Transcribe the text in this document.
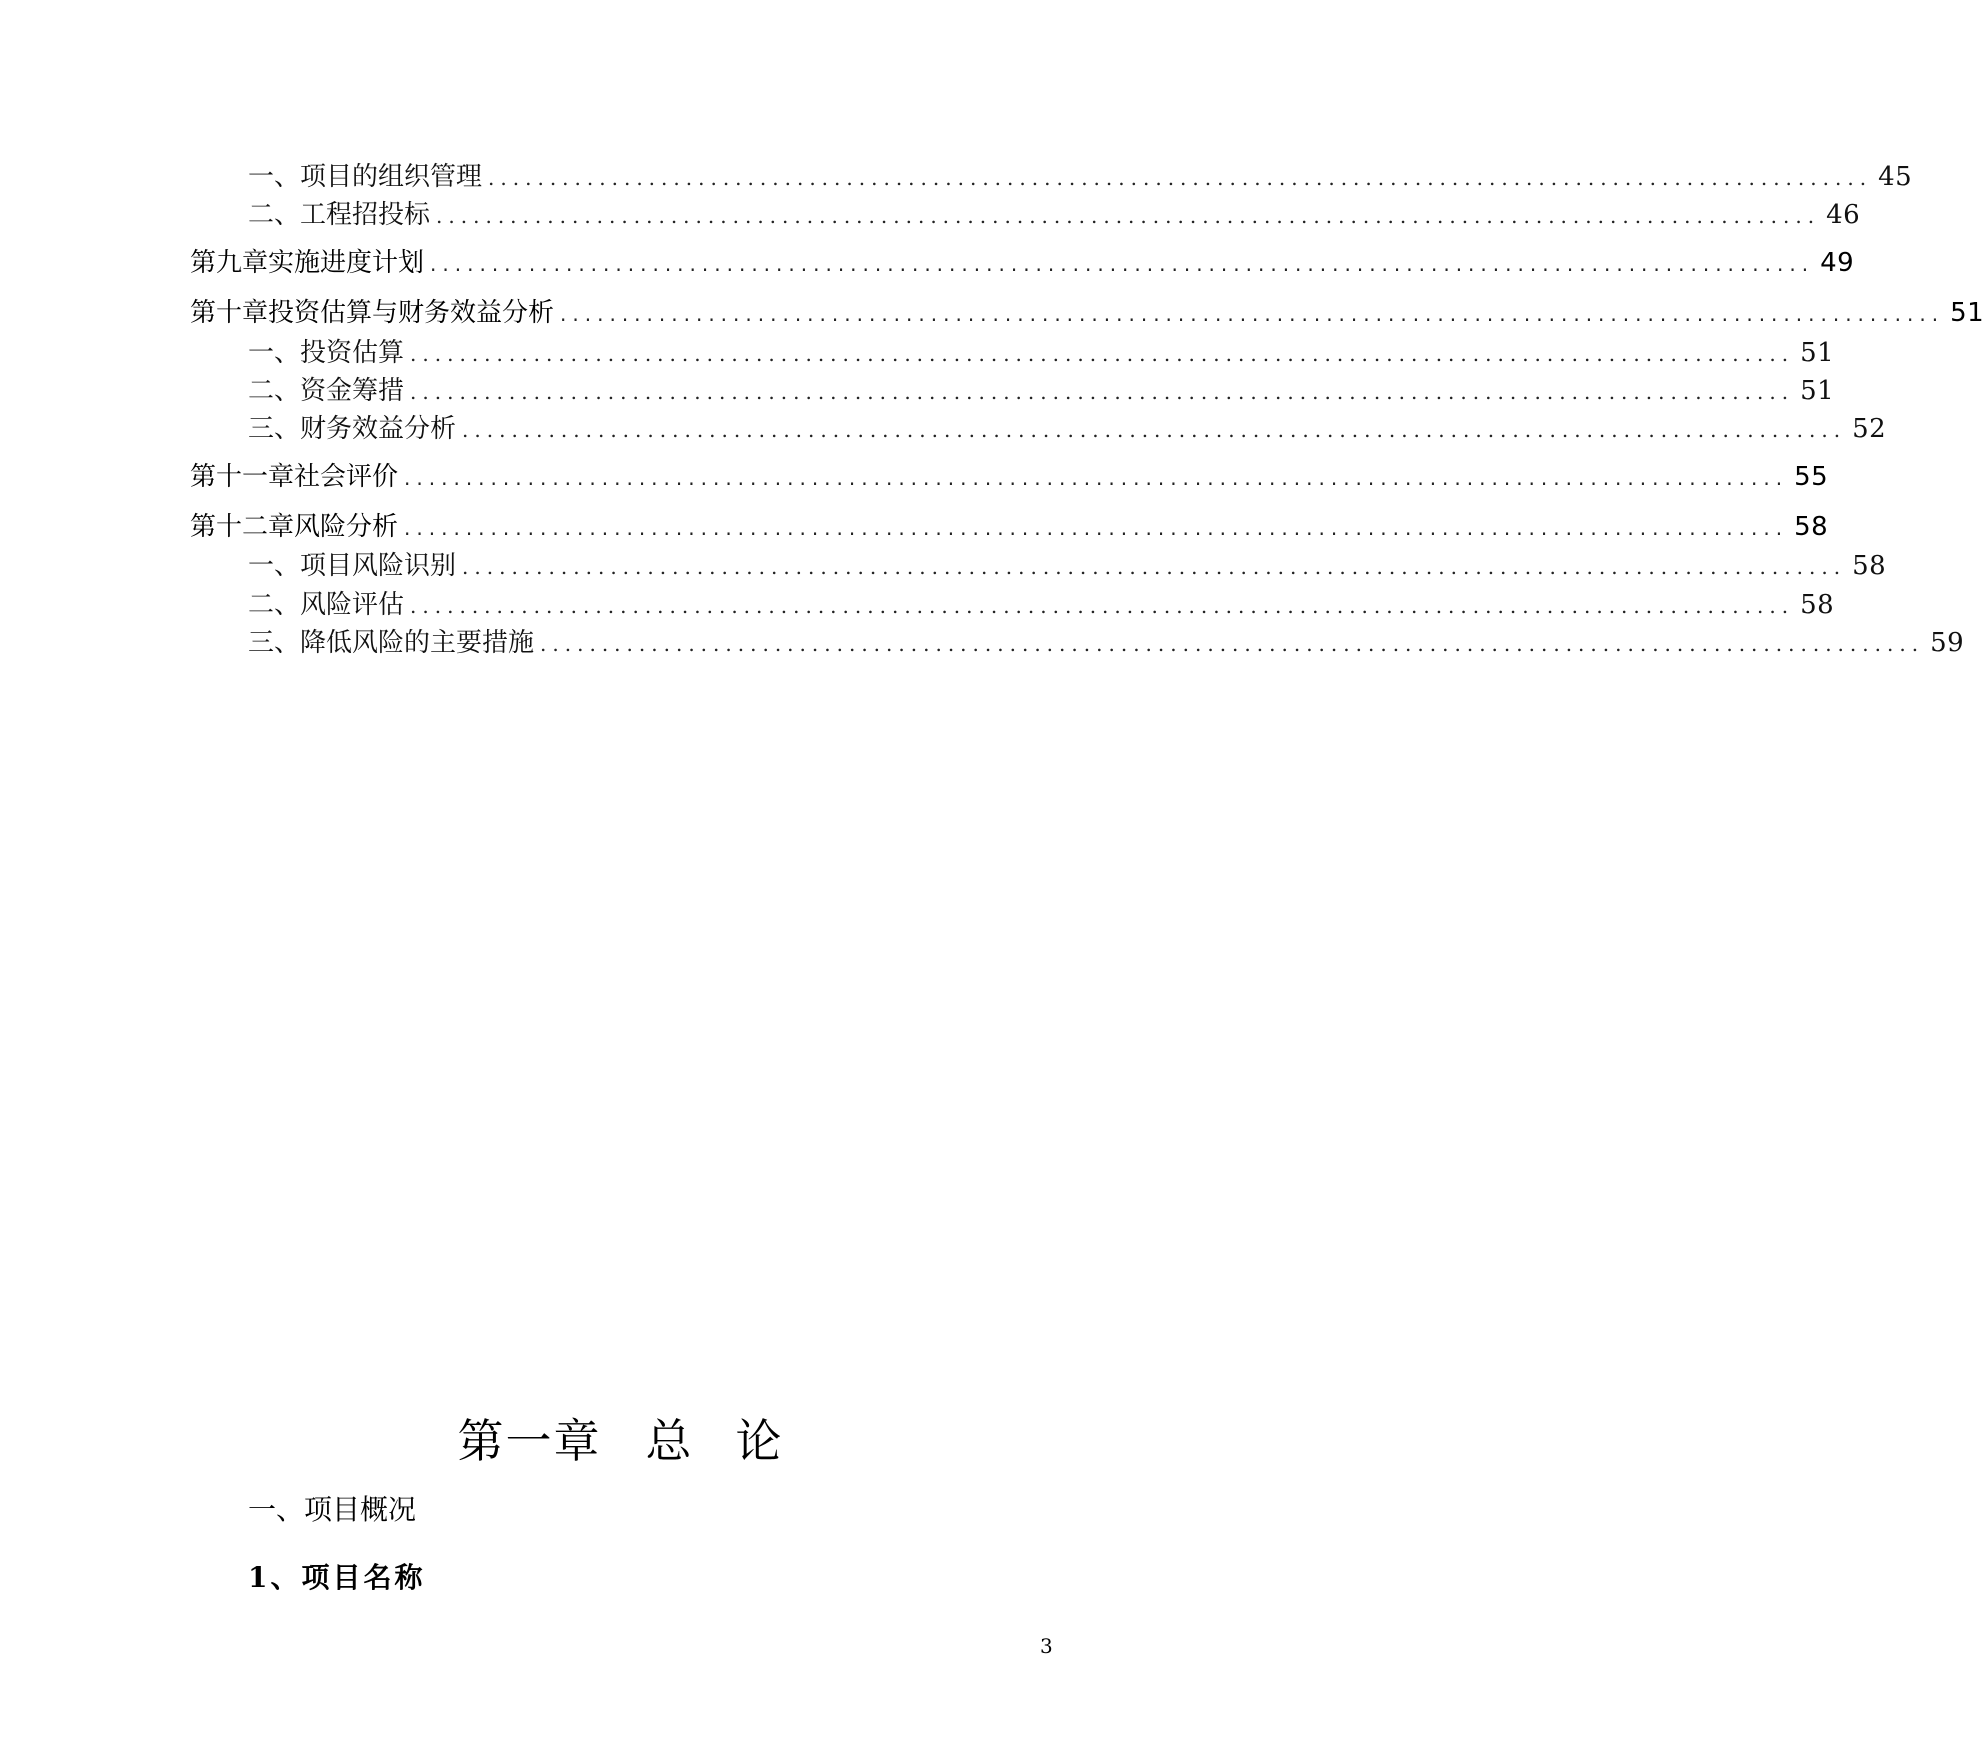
一、 项目的组织管理 ................................................................................................................ 45
二、 工程招投标 ................................................................................................................ 46
第九章 实施进度计划 ................................................................................................................ 49
第十章 投资估算与财务效益分析 ................................................................................................................ 51
一、 投资估算 ................................................................................................................ 51
二、 资金筹措 ................................................................................................................ 51
三、 财务效益分析 ................................................................................................................ 52
第十一章 社会评价 ................................................................................................................ 55
第十二章 风险分析 ................................................................................................................ 58
一、 项目风险识别 ................................................................................................................ 58
二、 风险评估 ................................................................................................................ 58
三、 降低风险的主要措施 ................................................................................................................ 59
第一章 总 论
一、项目概况
1、项目名称
3
